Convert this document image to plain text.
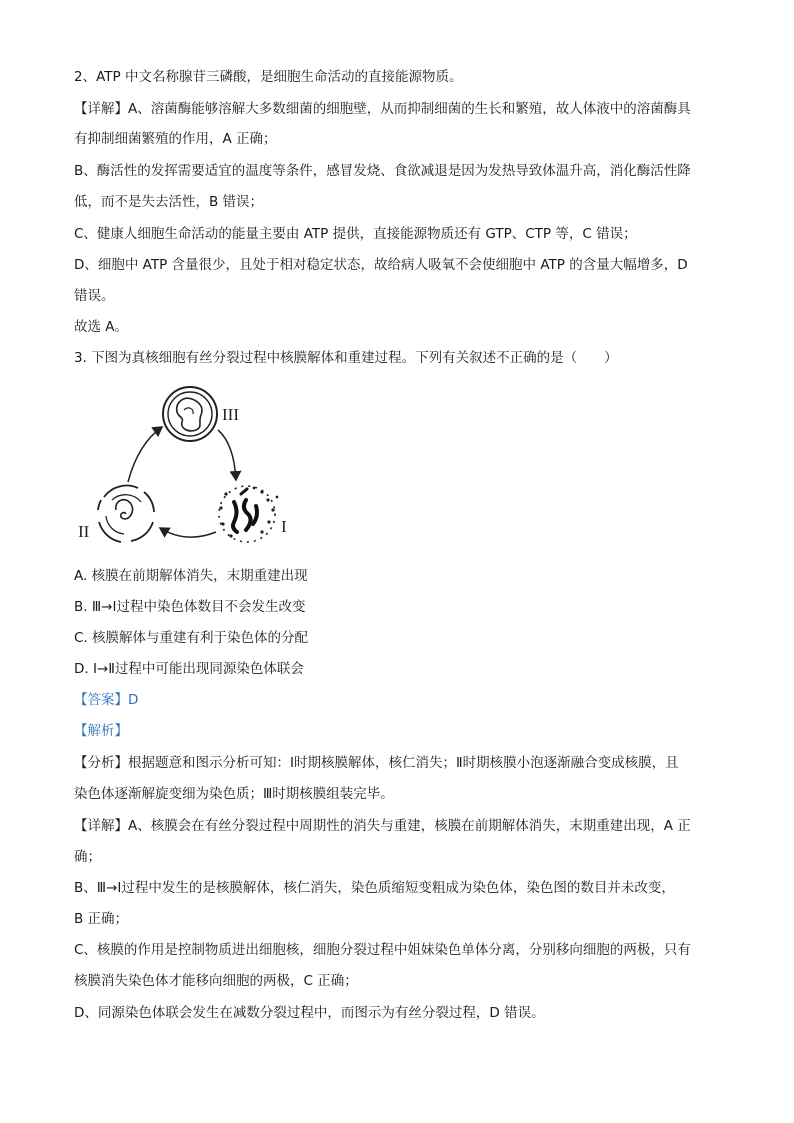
2、ATP 中文名称腺苷三磷酸，是细胞生命活动的直接能源物质。
【详解】A、溶菌酶能够溶解大多数细菌的细胞壁，从而抑制细菌的生长和繁殖，故人体液中的溶菌酶具
有抑制细菌繁殖的作用，A 正确；
B、酶活性的发挥需要适宜的温度等条件，感冒发烧、食欲减退是因为发热导致体温升高，消化酶活性降
低，而不是失去活性，B 错误；
C、健康人细胞生命活动的能量主要由 ATP 提供，直接能源物质还有 GTP、CTP 等，C 错误；
D、细胞中 ATP 含量很少，且处于相对稳定状态，故给病人吸氧不会使细胞中 ATP 的含量大幅增多，D
错误。
故选 A。
3. 下图为真核细胞有丝分裂过程中核膜解体和重建过程。下列有关叙述不正确的是（　　）
III
I
II
A. 核膜在前期解体消失，末期重建出现
B. Ⅲ→Ⅰ过程中染色体数目不会发生改变
C. 核膜解体与重建有利于染色体的分配
D. Ⅰ→Ⅱ过程中可能出现同源染色体联会
【答案】D
【解析】
【分析】根据题意和图示分析可知：Ⅰ时期核膜解体，核仁消失；Ⅱ时期核膜小泡逐渐融合变成核膜，且
染色体逐渐解旋变细为染色质；Ⅲ时期核膜组装完毕。
【详解】A、核膜会在有丝分裂过程中周期性的消失与重建，核膜在前期解体消失，末期重建出现，A 正
确；
B、Ⅲ→Ⅰ过程中发生的是核膜解体，核仁消失，染色质缩短变粗成为染色体，染色图的数目并未改变，
B 正确；
C、核膜的作用是控制物质进出细胞核，细胞分裂过程中姐妹染色单体分离，分别移向细胞的两极，只有
核膜消失染色体才能移向细胞的两极，C 正确；
D、同源染色体联会发生在减数分裂过程中，而图示为有丝分裂过程，D 错误。
